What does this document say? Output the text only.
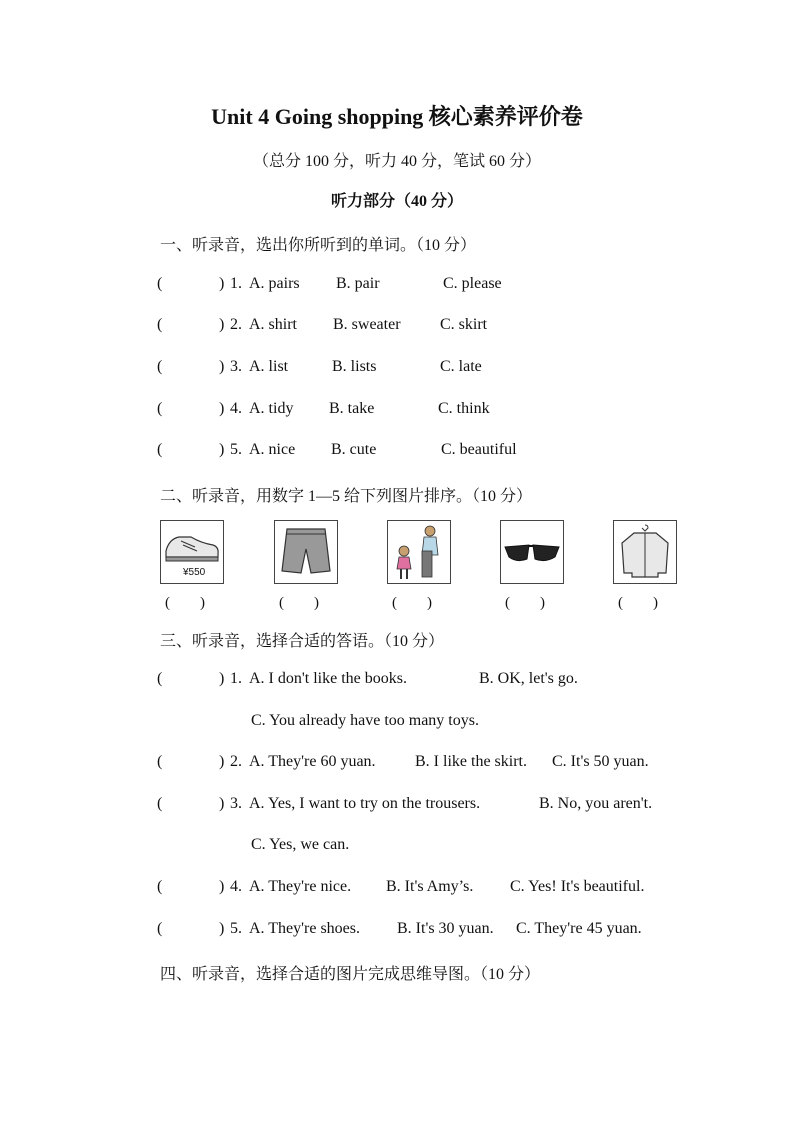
Unit 4 Going shopping 核心素养评价卷
（总分 100 分，听力 40 分，笔试 60 分）
听力部分（40 分）
一、听录音，选出你所听到的单词。（10 分）
(	) 1. A. pairs B. pair	C. please
(	) 2. A. shirt B. sweater C. skirt
(	) 3. A. list	B. lists	C. late
(	) 4. A. tidy B. take	C. think
(	) 5. A. nice B. cute	C. beautiful
二、听录音，用数字 1—5 给下列图片排序。（10 分）
¥550
(　　)	(　　)	(　　)	(　　)	(　　)
三、听录音，选择合适的答语。（10 分）
(	) 1. A. I don't like the books.	B. OK, let's go.
C. You already have too many toys.
(	) 2. A. They're 60 yuan. B. I like the skirt. C. It's 50 yuan.
(	) 3. A. Yes, I want to try on the trousers.	B. No, you aren't.
C. Yes, we can.
(	) 4. A. They're nice. B. It's Amy’s. C. Yes! It's beautiful.
(	) 5. A. They're shoes. B. It's 30 yuan. C. They're 45 yuan.
四、听录音，选择合适的图片完成思维导图。（10 分）
